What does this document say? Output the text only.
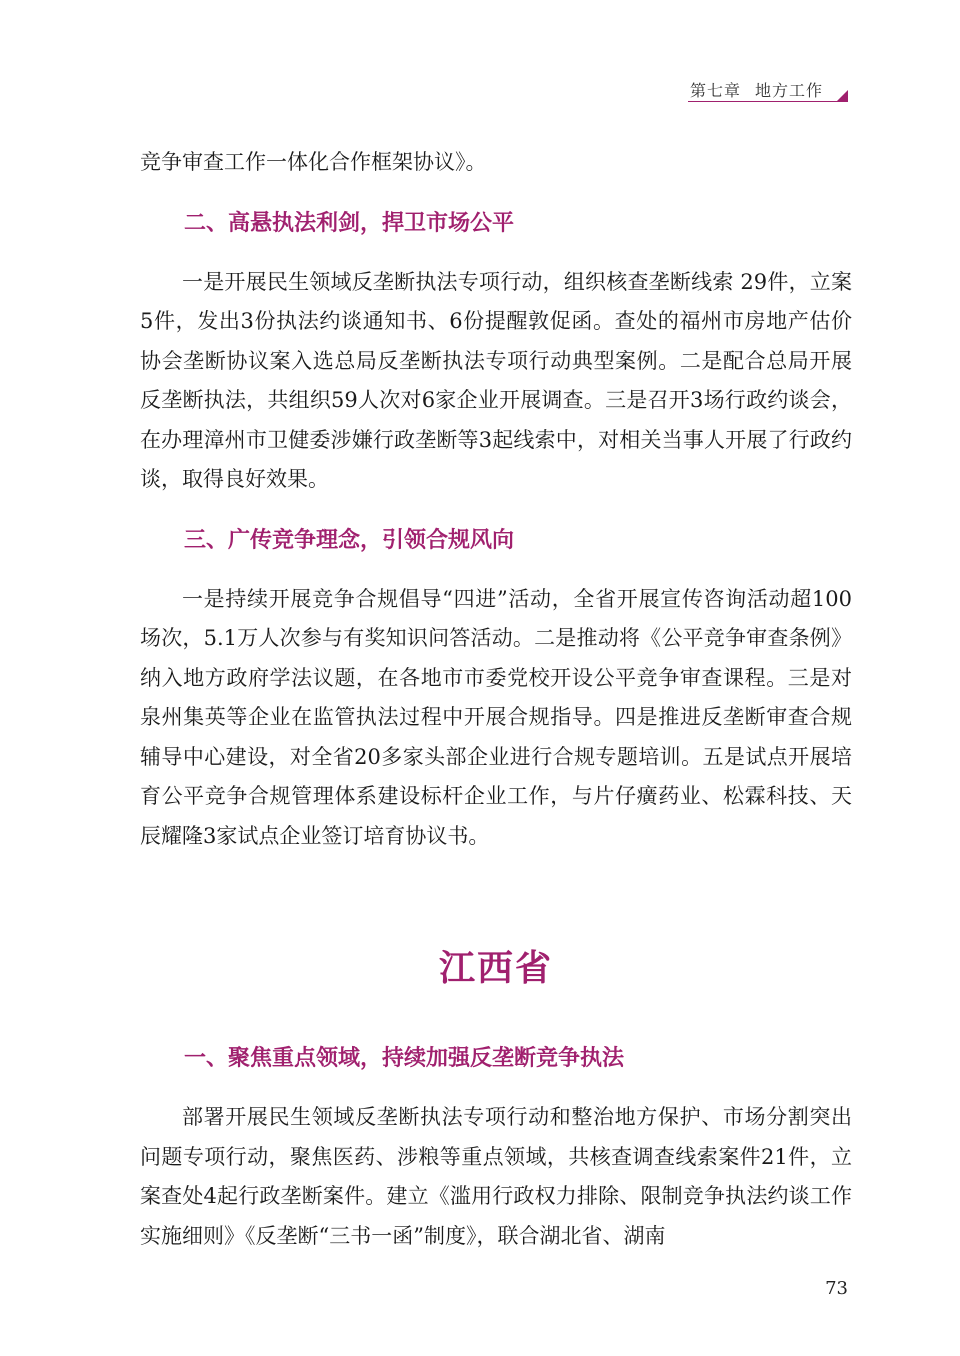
第七章 地方工作

竞争审查工作一体化合作框架协议》。

二、高悬执法利剑，捍卫市场公平

一是开展民生领域反垄断执法专项行动，组织核查垄断线索 29件，立案5件，发出3份执法约谈通知书、6份提醒敦促函。查处的福州市房地产估价协会垄断协议案入选总局反垄断执法专项行动典型案例。二是配合总局开展反垄断执法，共组织59人次对6家企业开展调查。三是召开3场行政约谈会，在办理漳州市卫健委涉嫌行政垄断等3起线索中，对相关当事人开展了行政约谈，取得良好效果。

三、广传竞争理念，引领合规风向

一是持续开展竞争合规倡导“四进”活动，全省开展宣传咨询活动超100场次，5.1万人次参与有奖知识问答活动。二是推动将《公平竞争审查条例》纳入地方政府学法议题，在各地市市委党校开设公平竞争审查课程。三是对泉州集英等企业在监管执法过程中开展合规指导。四是推进反垄断审查合规辅导中心建设，对全省20多家头部企业进行合规专题培训。五是试点开展培育公平竞争合规管理体系建设标杆企业工作，与片仔癀药业、松霖科技、天辰耀隆3家试点企业签订培育协议书。

江西省
一、聚焦重点领域，持续加强反垄断竞争执法

部署开展民生领域反垄断执法专项行动和整治地方保护、市场分割突出问题专项行动，聚焦医药、涉粮等重点领域，共核查调查线索案件21件，立案查处4起行政垄断案件。建立《滥用行政权力排除、限制竞争执法约谈工作实施细则》《反垄断“三书一函”制度》，联合湖北省、湖南

73
